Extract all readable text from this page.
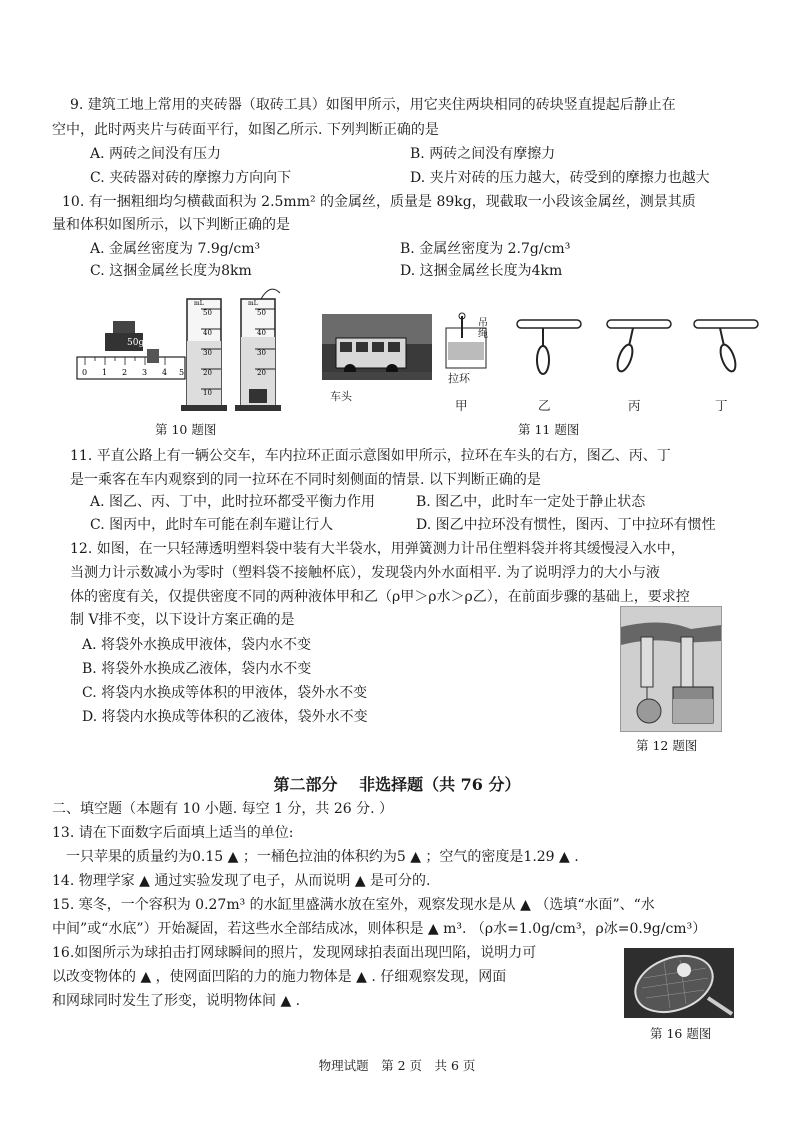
9. 建筑工地上常用的夹砖器（取砖工具）如图甲所示，用它夹住两块相同的砖块竖直提起后静止在
空中，此时两夹片与砖面平行，如图乙所示. 下列判断正确的是
A. 两砖之间没有压力	B. 两砖之间没有摩擦力
C. 夹砖器对砖的摩擦力方向向下	D. 夹片对砖的压力越大，砖受到的摩擦力也越大
10. 有一捆粗细均匀横截面积为 2.5mm² 的金属丝，质量是 89kg，现截取一小段该金属丝，测景其质
量和体积如图所示，以下判断正确的是
A. 金属丝密度为 7.9g/cm³	B. 金属丝密度为 2.7g/cm³
C. 这捆金属丝长度为8km	D. 这捆金属丝长度为4km
50g
0 1 2 3 4 5
mL
50
40
30
20
10
mL
50
40
30
20
第 10 题图
车头
吊绳
拉环
甲	乙	丙	丁
第 11 题图
11. 平直公路上有一辆公交车，车内拉环正面示意图如甲所示，拉环在车头的右方，图乙、丙、丁
是一乘客在车内观察到的同一拉环在不同时刻侧面的情景. 以下判断正确的是
A. 图乙、丙、丁中，此时拉环都受平衡力作用	B. 图乙中，此时车一定处于静止状态
C. 图丙中，此时车可能在刹车避让行人	D. 图乙中拉环没有惯性，图丙、丁中拉环有惯性
12. 如图，在一只轻薄透明塑料袋中装有大半袋水，用弹簧测力计吊住塑料袋并将其缓慢浸入水中，
当测力计示数减小为零时（塑料袋不接触杯底），发现袋内外水面相平. 为了说明浮力的大小与液
体的密度有关，仅提供密度不同的两种液体甲和乙（ρ甲＞ρ水＞ρ乙），在前面步骤的基础上，要求控
制 V排不变，以下设计方案正确的是
A. 将袋外水换成甲液体，袋内水不变
B. 将袋外水换成乙液体，袋内水不变
C. 将袋内水换成等体积的甲液体，袋外水不变
D. 将袋内水换成等体积的乙液体，袋外水不变
第 12 题图
第二部分　 非选择题（共 76 分）
二、填空题（本题有 10 小题. 每空 1 分，共 26 分. ）
13. 请在下面数字后面填上适当的单位:
一只苹果的质量约为0.15 ▲ ；一桶色拉油的体积约为5 ▲ ；空气的密度是1.29 ▲ .
14. 物理学家 ▲ 通过实验发现了电子，从而说明 ▲ 是可分的.
15. 寒冬，一个容积为 0.27m³ 的水缸里盛满水放在室外，观察发现水是从 ▲ （选填“水面”、“水
中间”或“水底”）开始凝固，若这些水全部结成冰，则体积是 ▲ m³. （ρ水=1.0g/cm³，ρ冰=0.9g/cm³）
16.如图所示为球拍击打网球瞬间的照片，发现网球拍表面出现凹陷，说明力可
以改变物体的 ▲ ，使网面凹陷的力的施力物体是 ▲ . 仔细观察发现，网面
和网球同时发生了形变，说明物体间 ▲ .
第 16 题图
物理试题　第 2 页　共 6 页
